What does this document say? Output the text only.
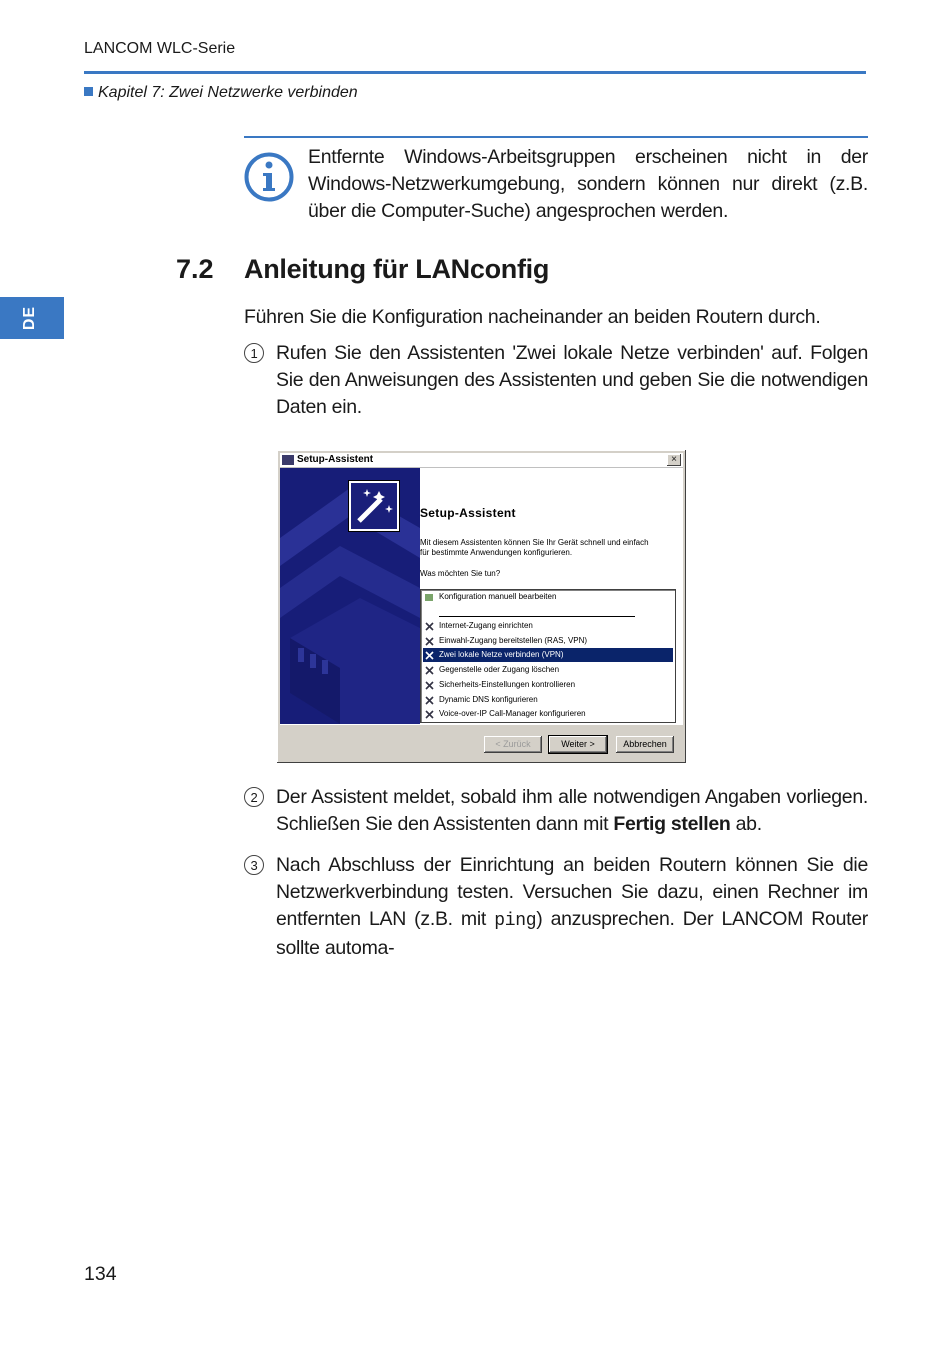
LANCOM WLC-Serie
Kapitel 7: Zwei Netzwerke verbinden
DE
Entfernte Windows-Arbeitsgruppen erscheinen nicht in der Windows-Netzwerkumgebung, sondern können nur direkt (z.B. über die Computer-Suche) angesprochen werden.
7.2 Anleitung für LANconfig
Führen Sie die Konfiguration nacheinander an beiden Routern durch.
1 Rufen Sie den Assistenten 'Zwei lokale Netze verbinden' auf. Folgen Sie den Anweisungen des Assistenten und geben Sie die notwendigen Daten ein.
Setup-Assistent	×
Setup-Assistent
Mit diesem Assistenten können Sie Ihr Gerät schnell und einfach für bestimmte Anwendungen konfigurieren.
Was möchten Sie tun?
Konfiguration manuell bearbeiten
Internet-Zugang einrichten
Einwahl-Zugang bereitstellen (RAS, VPN)
Zwei lokale Netze verbinden (VPN)
Gegenstelle oder Zugang löschen
Sicherheits-Einstellungen kontrollieren
Dynamic DNS konfigurieren
Voice-over-IP Call-Manager konfigurieren
< Zurück	Weiter >	Abbrechen
2 Der Assistent meldet, sobald ihm alle notwendigen Angaben vorliegen. Schließen Sie den Assistenten dann mit Fertig stellen ab.
3 Nach Abschluss der Einrichtung an beiden Routern können Sie die Netzwerkverbindung testen. Versuchen Sie dazu, einen Rechner im entfernten LAN (z.B. mit ping) anzusprechen. Der LANCOM Router sollte automa-
134
